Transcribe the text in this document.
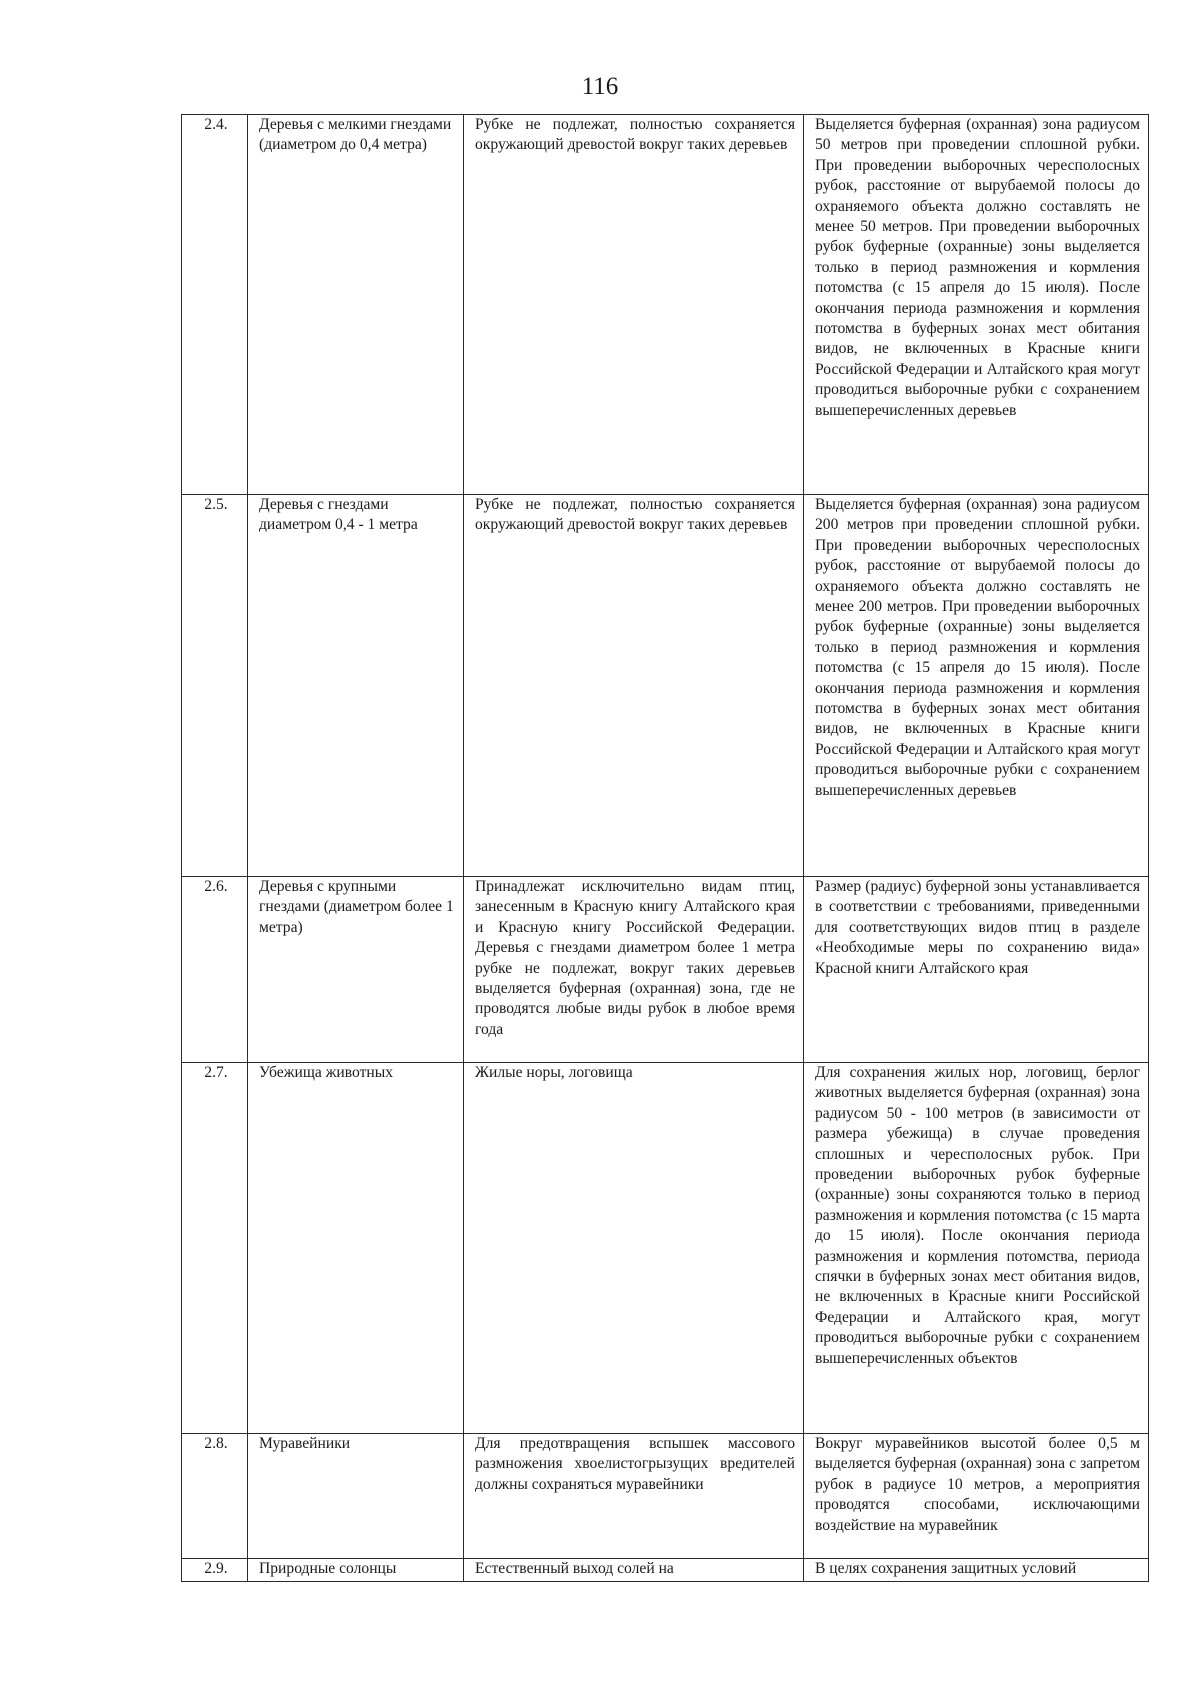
116
2.4.	Деревья с мелкими гнездами (диаметром до 0,4 метра)	Рубке не подлежат, полностью сохраняется окружающий древостой вокруг таких деревьев	Выделяется буферная (охранная) зона радиусом 50 метров при проведении сплошной рубки. При проведении выборочных чересполосных рубок, расстояние от вырубаемой полосы до охраняемого объекта должно составлять не менее 50 метров. При проведении выборочных рубок буферные (охранные) зоны выделяется только в период размножения и кормления потомства (с 15 апреля до 15 июля). После окончания периода размножения и кормления потомства в буферных зонах мест обитания видов, не включенных в Красные книги Российской Федерации и Алтайского края могут проводиться выборочные рубки с сохранением вышеперечисленных деревьев
2.5.	Деревья с гнездами диаметром 0,4 - 1 метра	Рубке не подлежат, полностью сохраняется окружающий древостой вокруг таких деревьев	Выделяется буферная (охранная) зона радиусом 200 метров при проведении сплошной рубки. При проведении выборочных чересполосных рубок, расстояние от вырубаемой полосы до охраняемого объекта должно составлять не менее 200 метров. При проведении выборочных рубок буферные (охранные) зоны выделяется только в период размножения и кормления потомства (с 15 апреля до 15 июля). После окончания периода размножения и кормления потомства в буферных зонах мест обитания видов, не включенных в Красные книги Российской Федерации и Алтайского края могут проводиться выборочные рубки с сохранением вышеперечисленных деревьев
2.6.	Деревья с крупными гнездами (диаметром более 1 метра)	Принадлежат исключительно видам птиц, занесенным в Красную книгу Алтайского края и Красную книгу Российской Федерации. Деревья с гнездами диаметром более 1 метра рубке не подлежат, вокруг таких деревьев выделяется буферная (охранная) зона, где не проводятся любые виды рубок в любое время года	Размер (радиус) буферной зоны устанавливается в соответствии с требованиями, приведенными для соответствующих видов птиц в разделе «Необходимые меры по сохранению вида» Красной книги Алтайского края
2.7.	Убежища животных	Жилые норы, логовища	Для сохранения жилых нор, логовищ, берлог животных выделяется буферная (охранная) зона радиусом 50 - 100 метров (в зависимости от размера убежища) в случае проведения сплошных и чересполосных рубок. При проведении выборочных рубок буферные (охранные) зоны сохраняются только в период размножения и кормления потомства (с 15 марта до 15 июля). После окончания периода размножения и кормления потомства, периода спячки в буферных зонах мест обитания видов, не включенных в Красные книги Российской Федерации и Алтайского края, могут проводиться выборочные рубки с сохранением вышеперечисленных объектов
2.8.	Муравейники	Для предотвращения вспышек массового размножения хвоелистогрызущих вредителей должны сохраняться муравейники	Вокруг муравейников высотой более 0,5 м выделяется буферная (охранная) зона с запретом рубок в радиусе 10 метров, а мероприятия проводятся способами, исключающими воздействие на муравейник

2.9.	Природные солонцы	Естественный выход солей на	В целях сохранения защитных условий
